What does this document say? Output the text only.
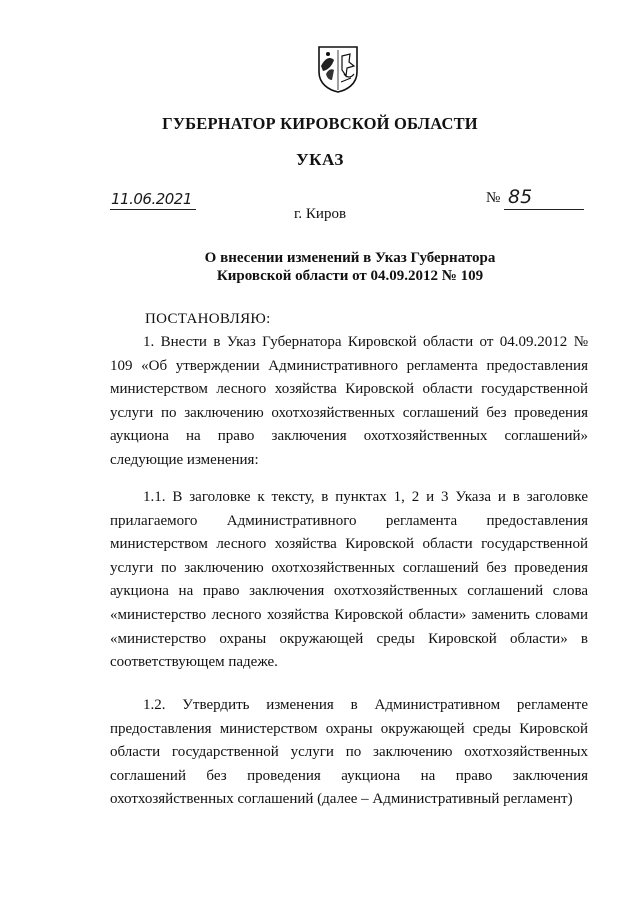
ГУБЕРНАТОР КИРОВСКОЙ ОБЛАСТИ
УКАЗ
11.06.2021	№ 85
г. Киров
О внесении изменений в Указ Губернатора
Кировской области от 04.09.2012 № 109
ПОСТАНОВЛЯЮ:
1. Внести в Указ Губернатора Кировской области от 04.09.2012 № 109 «Об утверждении Административного регламента предоставления министерством лесного хозяйства Кировской области государственной услуги по заключению охотхозяйственных соглашений без проведения аукциона на право заключения охотхозяйственных соглашений» следующие изменения:
1.1. В заголовке к тексту, в пунктах 1, 2 и 3 Указа и в заголовке прилагаемого Административного регламента предоставления министерством лесного хозяйства Кировской области государственной услуги по заключению охотхозяйственных соглашений без проведения аукциона на право заключения охотхозяйственных соглашений слова «министерство лесного хозяйства Кировской области» заменить словами «министерство охраны окружающей среды Кировской области» в соответствующем падеже.
1.2. Утвердить изменения в Административном регламенте предоставления министерством охраны окружающей среды Кировской области государственной услуги по заключению охотхозяйственных соглашений без проведения аукциона на право заключения охотхозяйственных соглашений (далее – Административный регламент)
